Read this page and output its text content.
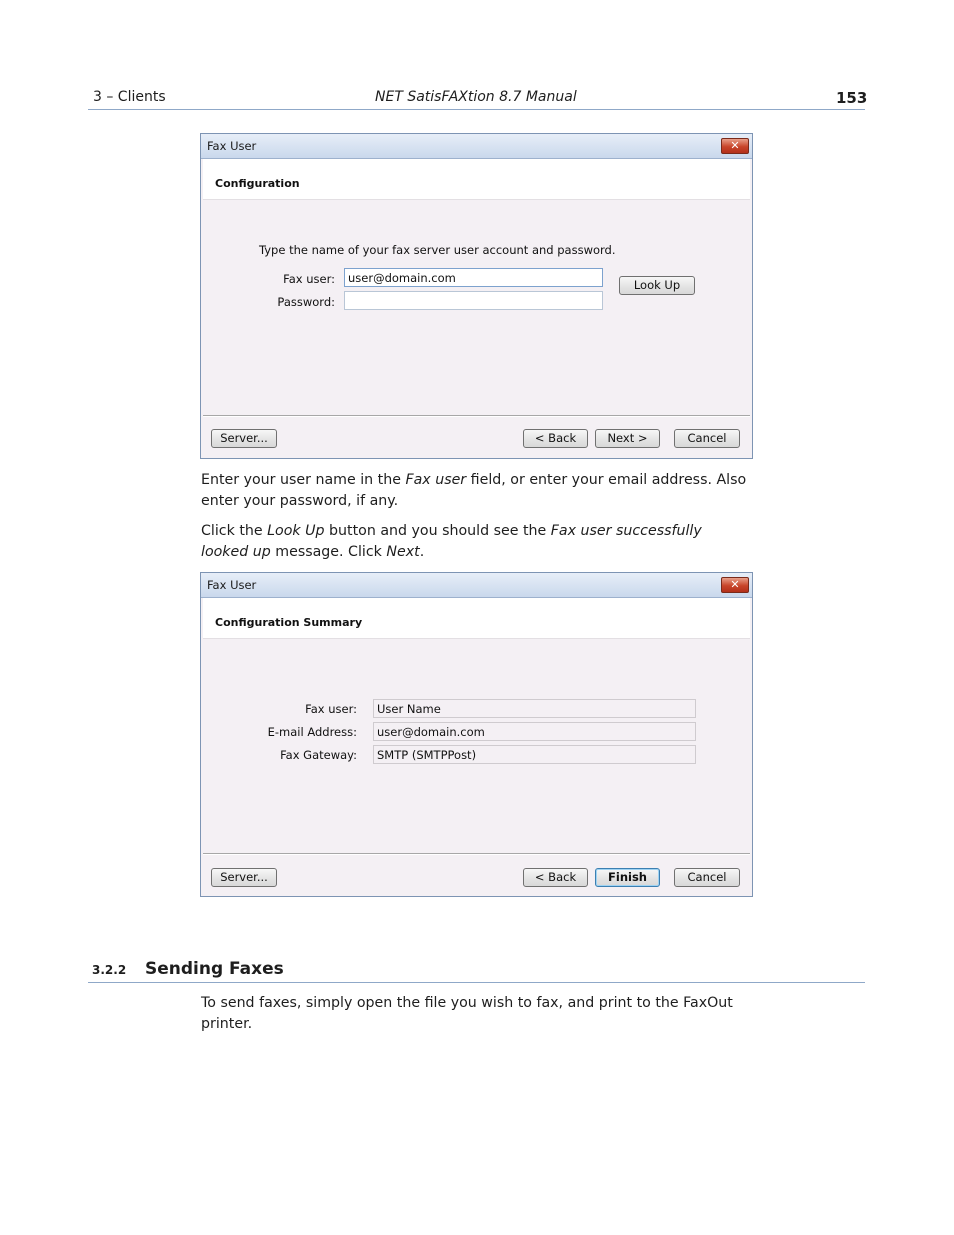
3 – Clients	NET SatisFAXtion 8.7 Manual	153
Fax User	✕
Configuration
Type the name of your fax server user account and password.
Fax user:
user@domain.com
Password:
Look Up
Server...	< Back	Next >	Cancel
Enter your user name in the Fax user field, or enter your email address. Also enter your password, if any.
Click the Look Up button and you should see the Fax user successfully looked up message. Click Next.
Fax User	✕
Configuration Summary
Fax user:
User Name
E-mail Address:
user@domain.com
Fax Gateway:
SMTP (SMTPPost)
Server...	< Back	Finish	Cancel
3.2.2 Sending Faxes
To send faxes, simply open the file you wish to fax, and print to the FaxOut printer.
